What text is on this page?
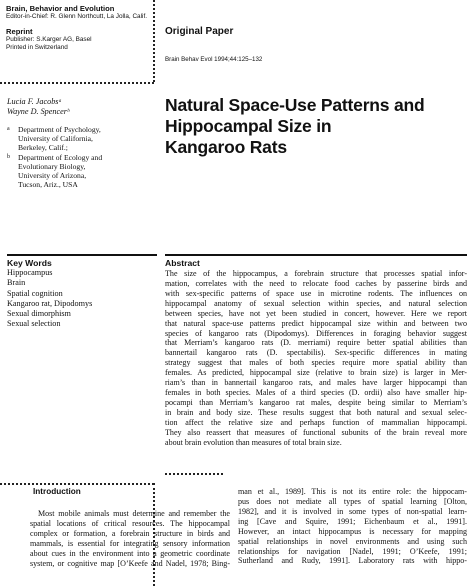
Brain, Behavior and Evolution
Editor-in-Chief: R. Glenn Northcutt, La Jolla, Calif.
Reprint
Publisher: S.Karger AG, Basel
Printed in Switzerland
Original Paper
Brain Behav Evol 1994;44:125–132
Lucia F. Jacobsᵃ
Wayne D. Spencerᵇ
a	Department of Psychology,
University of California,
Berkeley, Calif.;
b	Department of Ecology and
Evolutionary Biology,
University of Arizona,
Tucson, Ariz., USA
Natural Space-Use Patterns and
Hippocampal Size in
Kangaroo Rats
Key Words
Hippocampus
Brain
Spatial cognition
Kangaroo rat, Dipodomys
Sexual dimorphism
Sexual selection
Abstract
The size of the hippocampus, a forebrain structure that processes spatial infor-
mation, correlates with the need to relocate food caches by passerine birds and
with sex-specific patterns of space use in microtine rodents. The influences on
hippocampal anatomy of sexual selection within species, and natural selection
between species, have not yet been studied in concert, however. Here we report
that natural space-use patterns predict hippocampal size within and between two
species of kangaroo rats (Dipodomys). Differences in foraging behavior suggest
that Merriam’s kangaroo rats (D. merriami) require better spatial abilities than
bannertail kangaroo rats (D. spectabilis). Sex-specific differences in mating
strategy suggest that males of both species require more spatial ability than
females. As predicted, hippocampal size (relative to brain size) is larger in Mer-
riam’s than in bannertail kangaroo rats, and males have larger hippocampi than
females in both species. Males of a third species (D. ordii) also have smaller hip-
pocampi than Merriam’s kangaroo rat males, despite being similar to Merriam’s
in brain and body size. These results suggest that both natural and sexual selec-
tion affect the relative size and perhaps function of mammalian hippocampi.
They also reassert that measures of functional subunits of the brain reveal more
about brain evolution than measures of total brain size.
Introduction
Most mobile animals must determine and remember the
spatial locations of critical resources. The hippocampal
complex or formation, a forebrain structure in birds and
mammals, is essential for integrating sensory information
about cues in the environment into a geometric coordinate
system, or cognitive map [O’Keefe and Nadel, 1978; Bing-
man et al., 1989]. This is not its entire role: the hippocam-
pus does not mediate all types of spatial learning [Olton,
1982], and it is involved in some types of non-spatial learn-
ing [Cave and Squire, 1991; Eichenbaum et al., 1991].
However, an intact hippocampus is necessary for mapping
spatial relationships in novel environments and using such
relationships for navigation [Nadel, 1991; O’Keefe, 1991;
Sutherland and Rudy, 1991]. Laboratory rats with hippo-
